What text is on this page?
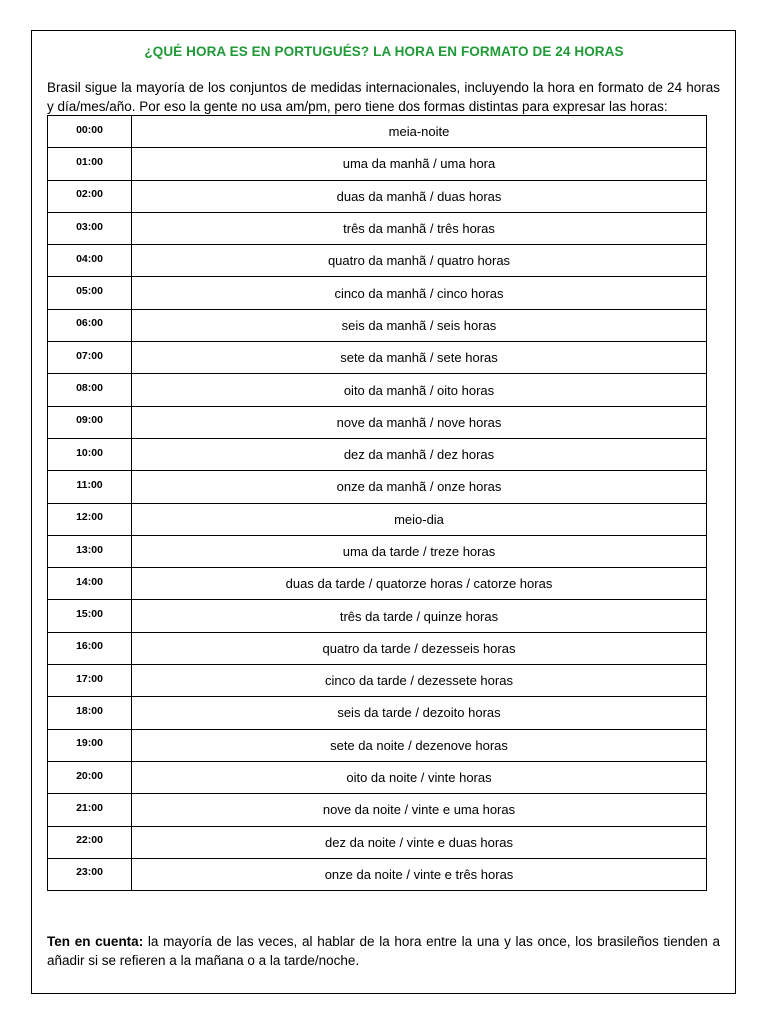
¿QUÉ HORA ES EN PORTUGUÉS? LA HORA EN FORMATO DE 24 HORAS
Brasil sigue la mayoría de los conjuntos de medidas internacionales, incluyendo la hora en formato de 24 horas y día/mes/año. Por eso la gente no usa am/pm, pero tiene dos formas distintas para expresar las horas:
00:00	meia-noite
01:00	uma da manhã / uma hora
02:00	duas da manhã / duas horas
03:00	três da manhã / três horas
04:00	quatro da manhã / quatro horas
05:00	cinco da manhã / cinco horas
06:00	seis da manhã / seis horas
07:00	sete da manhã / sete horas
08:00	oito da manhã / oito horas
09:00	nove da manhã / nove horas
10:00	dez da manhã / dez horas
11:00	onze da manhã / onze horas
12:00	meio-dia
13:00	uma da tarde / treze horas
14:00	duas da tarde / quatorze horas / catorze horas
15:00	três da tarde / quinze horas
16:00	quatro da tarde / dezesseis horas
17:00	cinco da tarde / dezessete horas
18:00	seis da tarde / dezoito horas
19:00	sete da noite / dezenove horas
20:00	oito da noite / vinte horas
21:00	nove da noite / vinte e uma horas
22:00	dez da noite / vinte e duas horas
23:00	onze da noite / vinte e três horas
Ten en cuenta: la mayoría de las veces, al hablar de la hora entre la una y las once, los brasileños tienden a añadir si se refieren a la mañana o a la tarde/noche.
